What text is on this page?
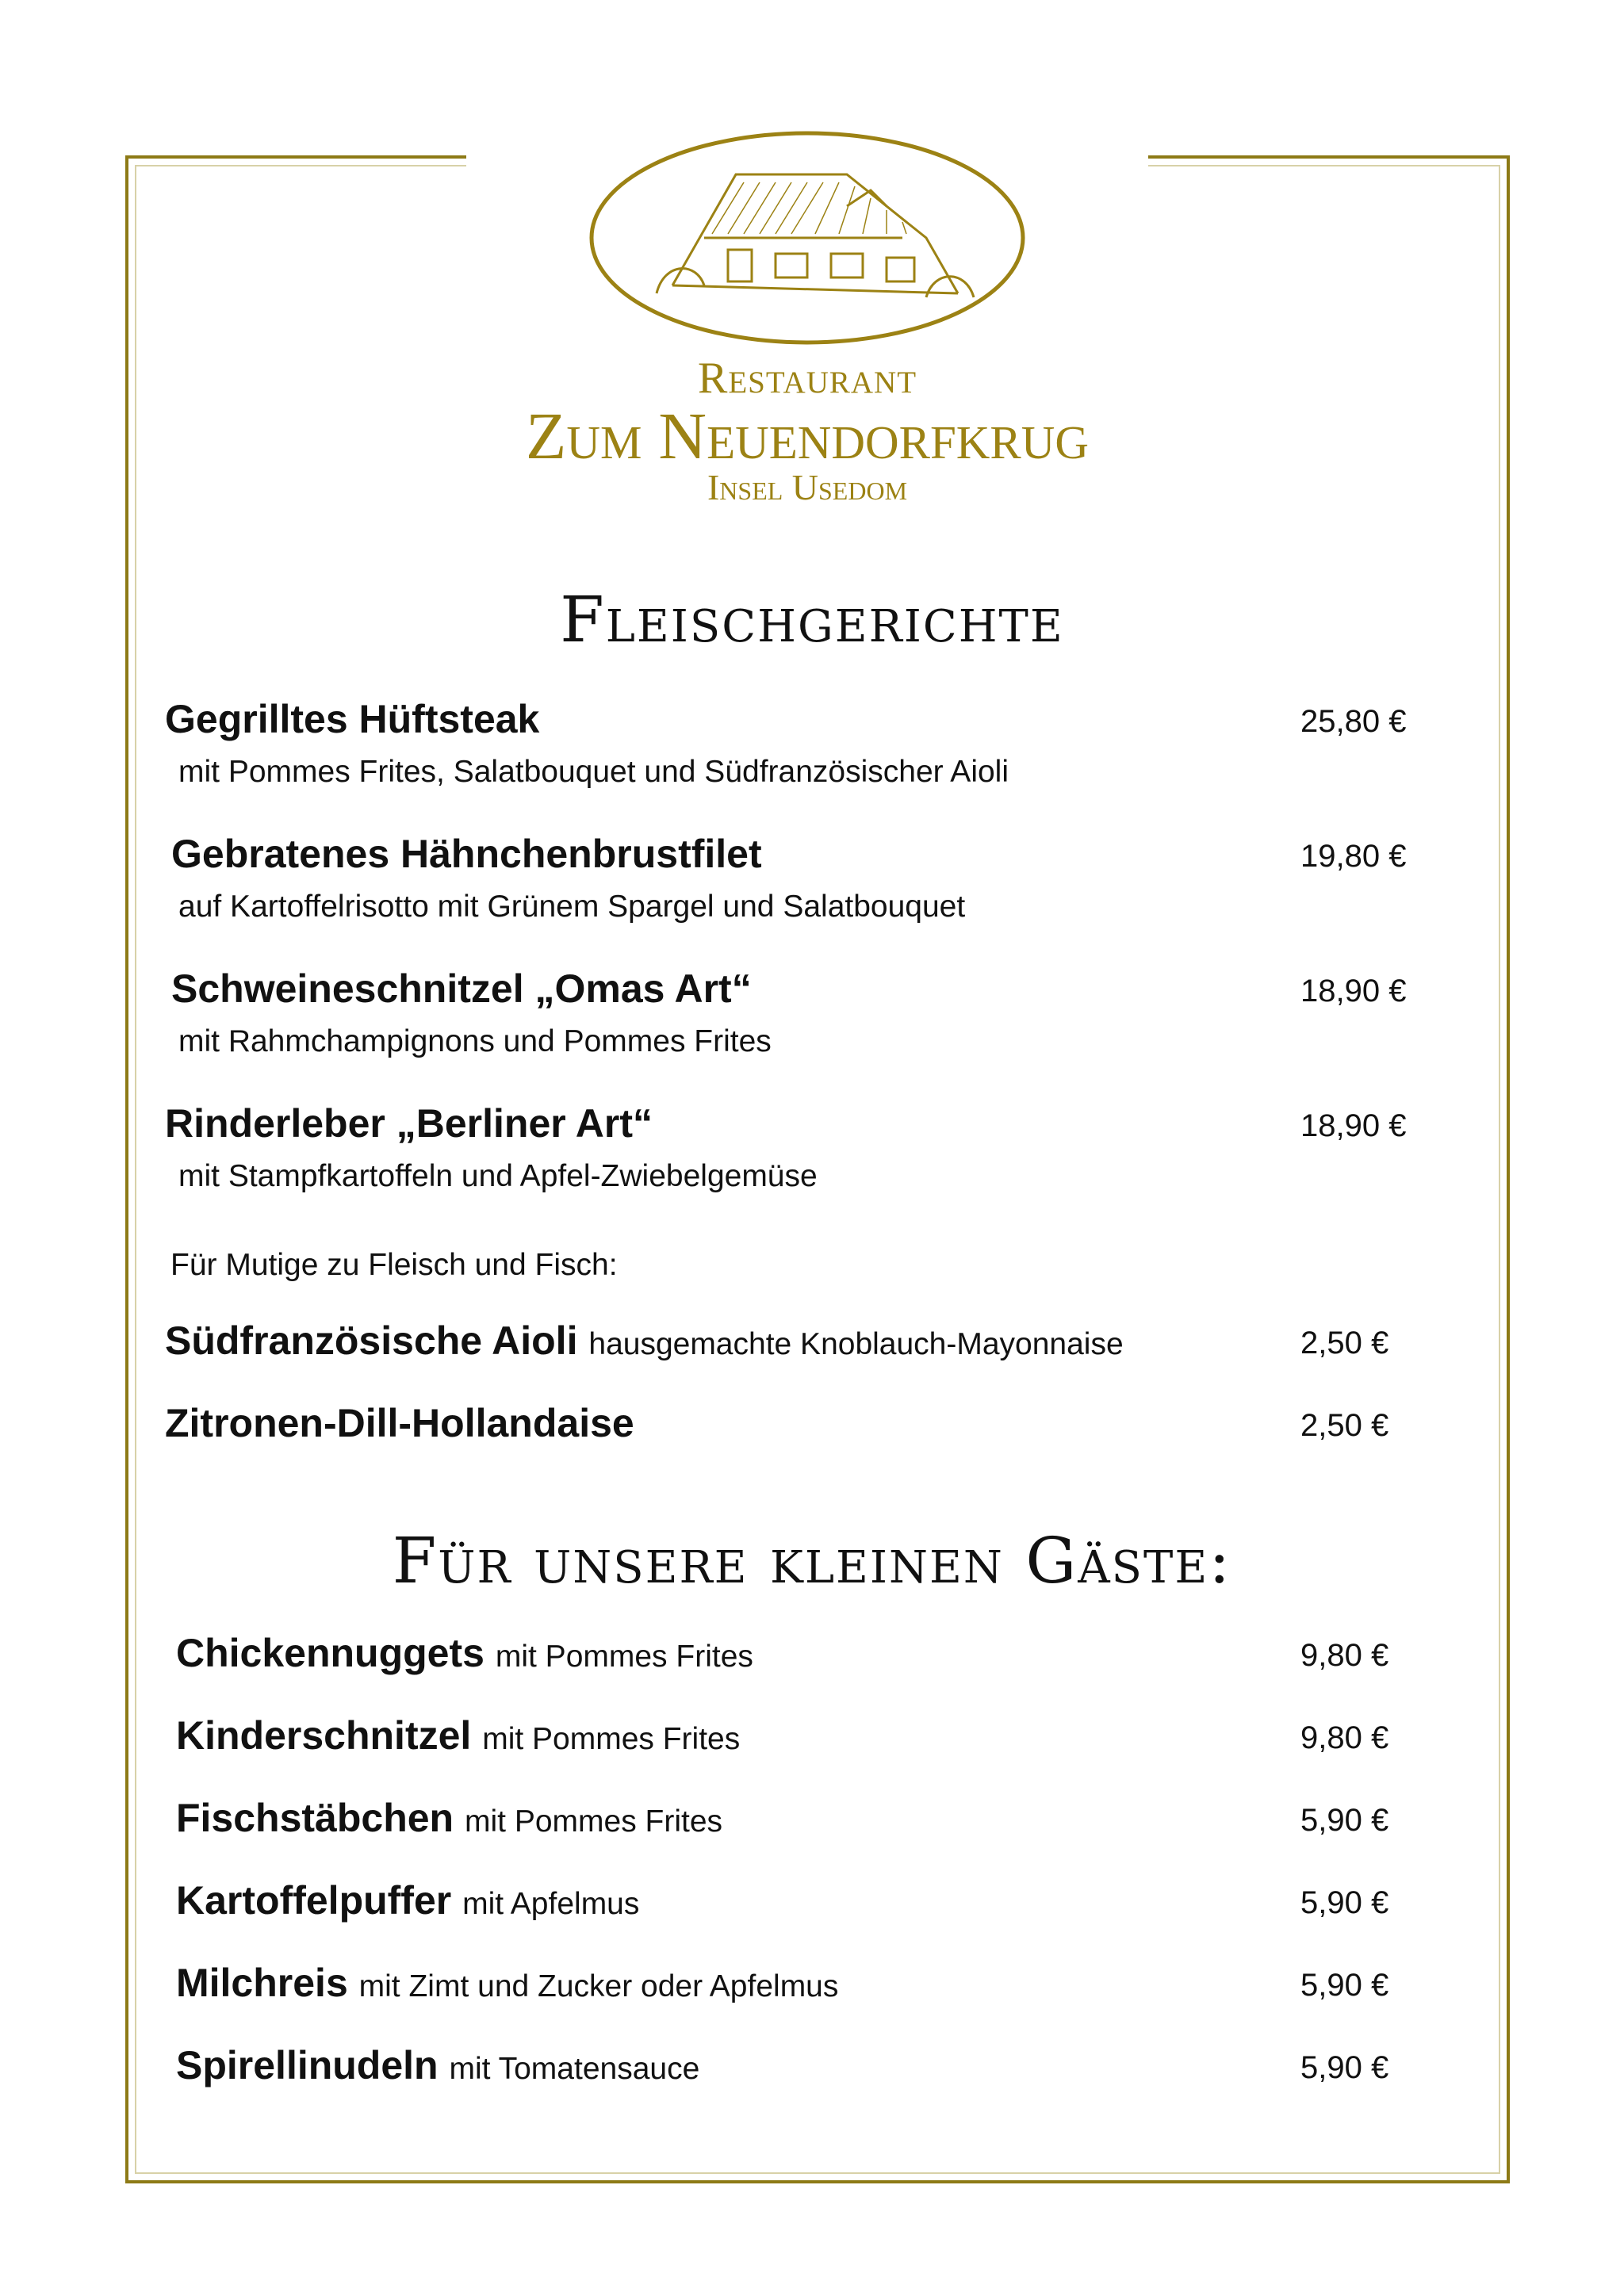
Restaurant
Zum Neuendorfkrug
Insel Usedom
Fleischgerichte
Gegrilltes Hüftsteak	25,80 €
mit Pommes Frites, Salatbouquet und Südfranzösischer Aioli
Gebratenes Hähnchenbrustfilet	19,80 €
auf Kartoffelrisotto mit Grünem Spargel und Salatbouquet
Schweineschnitzel „Omas Art“	18,90 €
mit Rahmchampignons und Pommes Frites
Rinderleber „Berliner Art“	18,90 €
mit Stampfkartoffeln und Apfel-Zwiebelgemüse
Für Mutige zu Fleisch und Fisch:
Südfranzösische Aioli hausgemachte Knoblauch-Mayonnaise	2,50 €
Zitronen-Dill-Hollandaise	2,50 €
Für unsere kleinen Gäste:
Chickennuggets mit Pommes Frites	9,80 €
Kinderschnitzel mit Pommes Frites	9,80 €
Fischstäbchen mit Pommes Frites	5,90 €
Kartoffelpuffer mit Apfelmus	5,90 €
Milchreis mit Zimt und Zucker oder Apfelmus	5,90 €
Spirellinudeln mit Tomatensauce	5,90 €
